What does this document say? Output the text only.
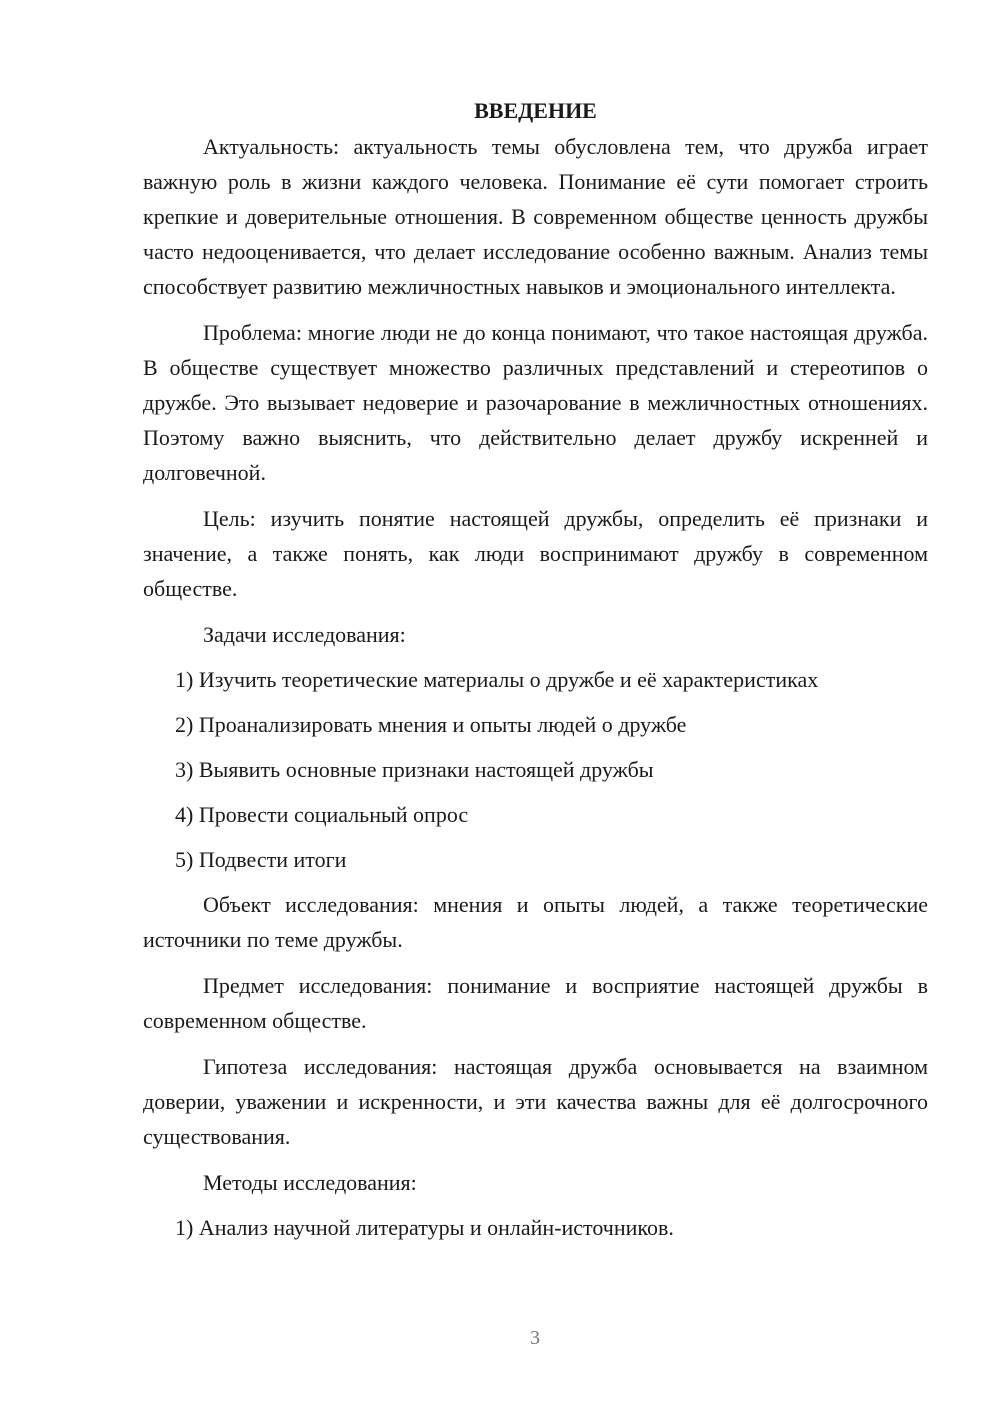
ВВЕДЕНИЕ

Актуальность: актуальность темы обусловлена тем, что дружба играет важную роль в жизни каждого человека. Понимание её сути помогает строить крепкие и доверительные отношения. В современном обществе ценность дружбы часто недооценивается, что делает исследование особенно важным. Анализ темы способствует развитию межличностных навыков и эмоционального интеллекта.

Проблема: многие люди не до конца понимают, что такое настоящая дружба. В обществе существует множество различных представлений и стереотипов о дружбе. Это вызывает недоверие и разочарование в межличностных отношениях. Поэтому важно выяснить, что действительно делает дружбу искренней и долговечной.

Цель: изучить понятие настоящей дружбы, определить её признаки и значение, а также понять, как люди воспринимают дружбу в современном обществе.

Задачи исследования:
1) Изучить теоретические материалы о дружбе и её характеристиках
2) Проанализировать мнения и опыты людей о дружбе
3) Выявить основные признаки настоящей дружбы
4) Провести социальный опрос
5) Подвести итоги

Объект исследования: мнения и опыты людей, а также теоретические источники по теме дружбы.

Предмет исследования: понимание и восприятие настоящей дружбы в современном обществе.

Гипотеза исследования: настоящая дружба основывается на взаимном доверии, уважении и искренности, и эти качества важны для её долгосрочного существования.

Методы исследования:
1) Анализ научной литературы и онлайн-источников.
3
